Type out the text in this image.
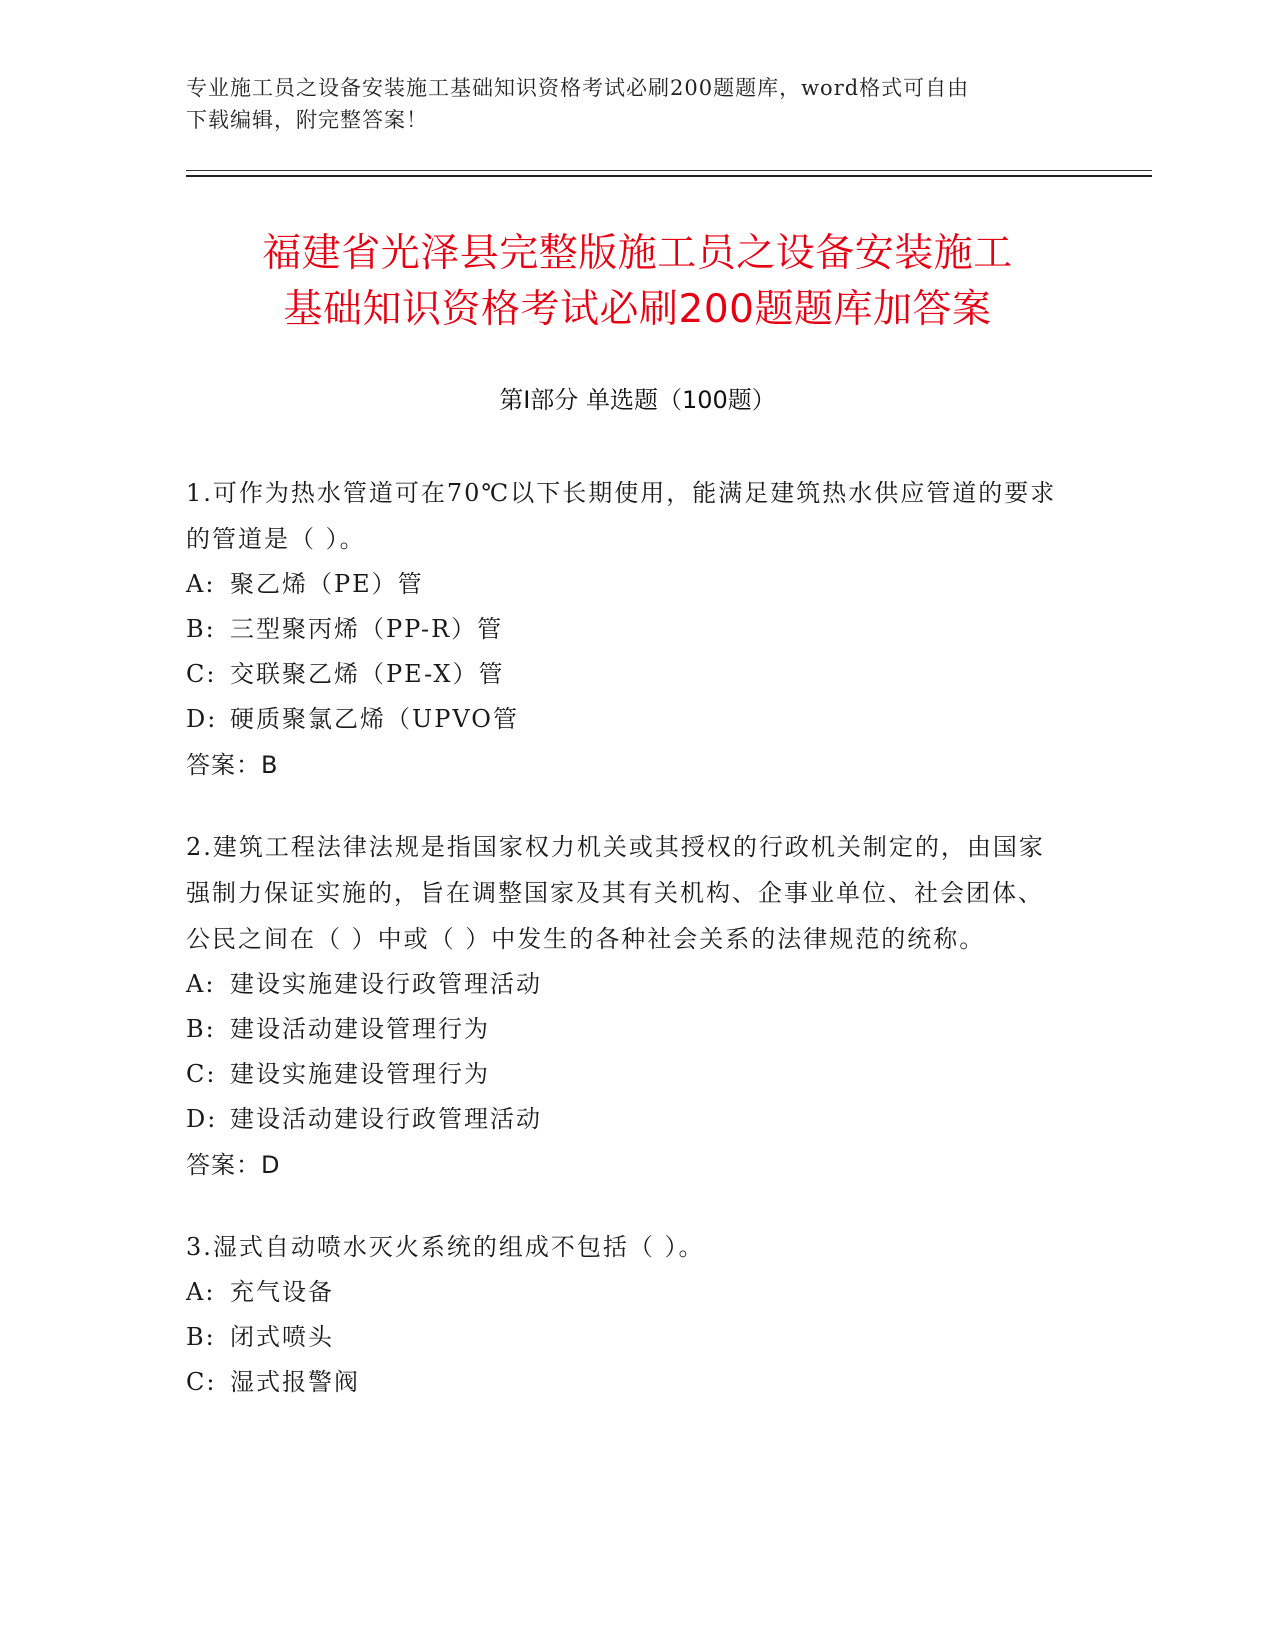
专业施工员之设备安装施工基础知识资格考试必刷200题题库，word格式可自由
下载编辑，附完整答案！
福建省光泽县完整版施工员之设备安装施工
基础知识资格考试必刷200题题库加答案
第Ⅰ部分 单选题（100题）

1.可作为热水管道可在70℃以下长期使用，能满足建筑热水供应管道的要求的管道是（ ）。

A: 聚乙烯（PE）管

B: 三型聚丙烯（PP-R）管

C: 交联聚乙烯（PE-X）管

D: 硬质聚氯乙烯（UPVO管

答案：B

2.建筑工程法律法规是指国家权力机关或其授权的行政机关制定的，由国家强制力保证实施的，旨在调整国家及其有关机构、企事业单位、社会团体、公民之间在（ ）中或（ ）中发生的各种社会关系的法律规范的统称。

A: 建设实施建设行政管理活动

B: 建设活动建设管理行为

C: 建设实施建设管理行为

D: 建设活动建设行政管理活动

答案：D

3.湿式自动喷水灭火系统的组成不包括（ ）。

A: 充气设备

B: 闭式喷头

C: 湿式报警阀
